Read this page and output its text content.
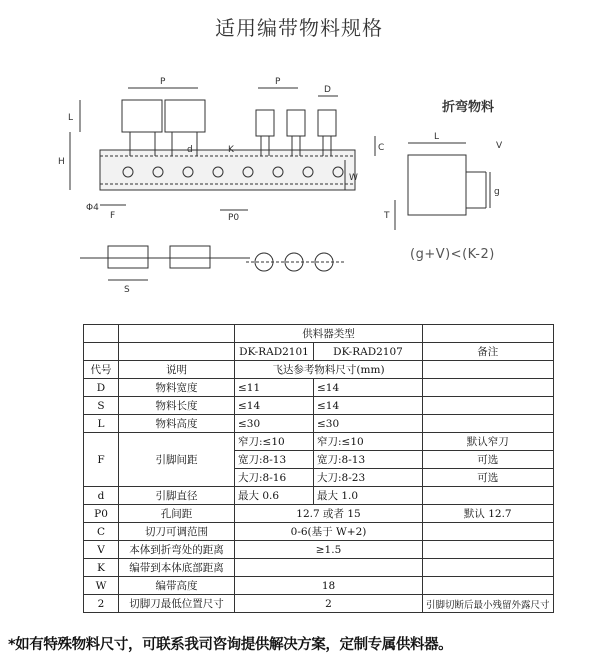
适用编带物料规格
P	P
D
L
H
d	K	C
W
F	P0
Φ4
S
L
V
g
T
折弯物料
(g+V)<(K-2)
		供料器类型		
		DK-RAD2101	DK-RAD2107	备注
代号	说明	飞达参考物料尺寸(mm)		
D	物料宽度	≤11	≤14	
S	物料长度	≤14	≤14	
L	物料高度	≤30	≤30	
F	引脚间距	窄刀:≤10	窄刀:≤10	默认窄刀
		宽刀:8-13	宽刀:8-13	可选
		大刀:8-16	大刀:8-23	可选
d	引脚直径	最大 0.6	最大 1.0	
P0	孔间距	12.7 或者 15		默认 12.7
C	切刀可调范围	0-6(基于 W+2)		
V	本体到折弯处的距离	≥1.5		
K	编带到本体底部距离			
W	编带高度	18		
2	切脚刀最低位置尺寸	2		引脚切断后最小残留外露尺寸
*如有特殊物料尺寸，可联系我司咨询提供解决方案，定制专属供料器。
